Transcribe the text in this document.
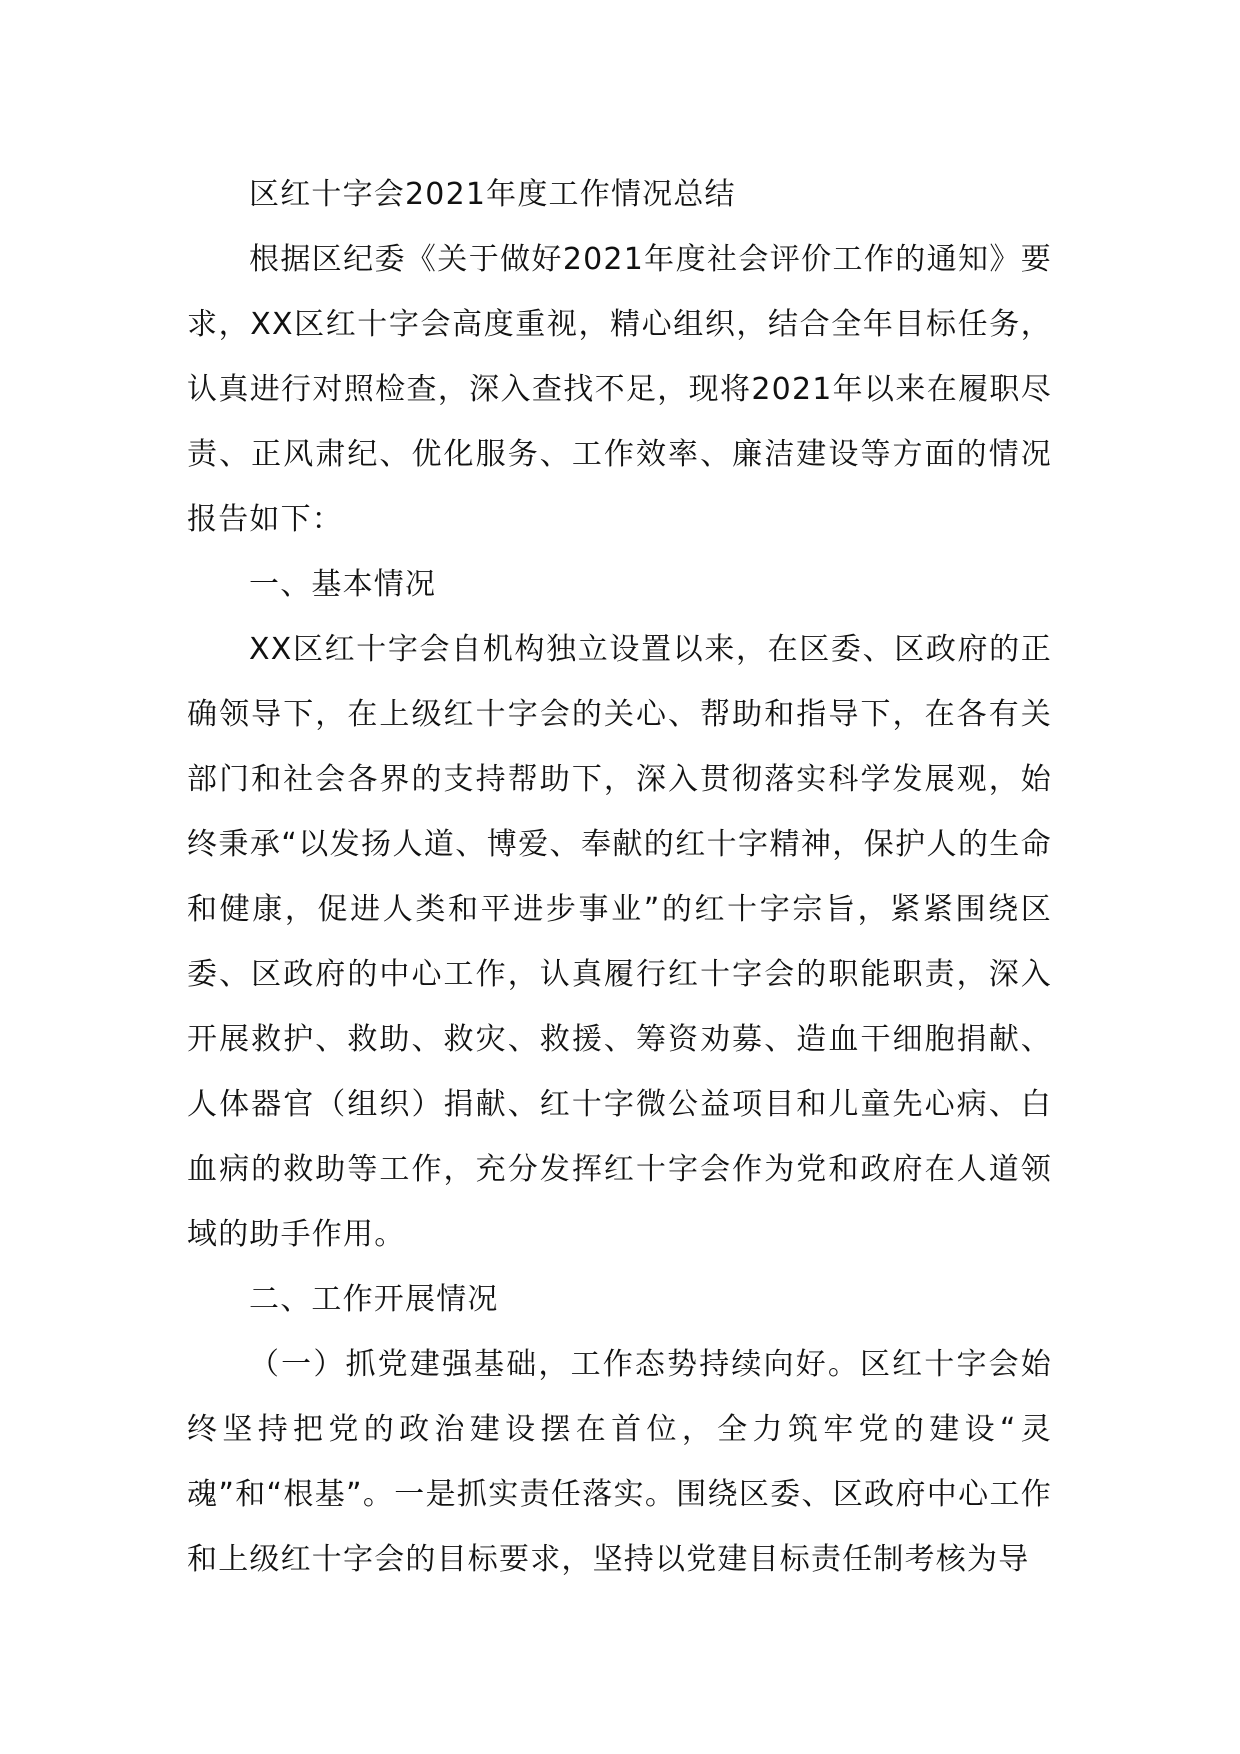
区红十字会2021年度工作情况总结

根据区纪委《关于做好2021年度社会评价工作的通知》要求，XX区红十字会高度重视，精心组织，结合全年目标任务，认真进行对照检查，深入查找不足，现将2021年以来在履职尽责、正风肃纪、优化服务、工作效率、廉洁建设等方面的情况报告如下：

一、基本情况

XX区红十字会自机构独立设置以来，在区委、区政府的正确领导下，在上级红十字会的关心、帮助和指导下，在各有关部门和社会各界的支持帮助下，深入贯彻落实科学发展观，始终秉承“以发扬人道、博爱、奉献的红十字精神，保护人的生命和健康，促进人类和平进步事业”的红十字宗旨，紧紧围绕区委、区政府的中心工作，认真履行红十字会的职能职责，深入开展救护、救助、救灾、救援、筹资劝募、造血干细胞捐献、人体器官（组织）捐献、红十字微公益项目和儿童先心病、白血病的救助等工作，充分发挥红十字会作为党和政府在人道领域的助手作用。

二、工作开展情况

（一）抓党建强基础，工作态势持续向好。区红十字会始终坚持把党的政治建设摆在首位，全力筑牢党的建设“灵魂”和“根基”。一是抓实责任落实。围绕区委、区政府中心工作和上级红十字会的目标要求，坚持以党建目标责任制考核为导
